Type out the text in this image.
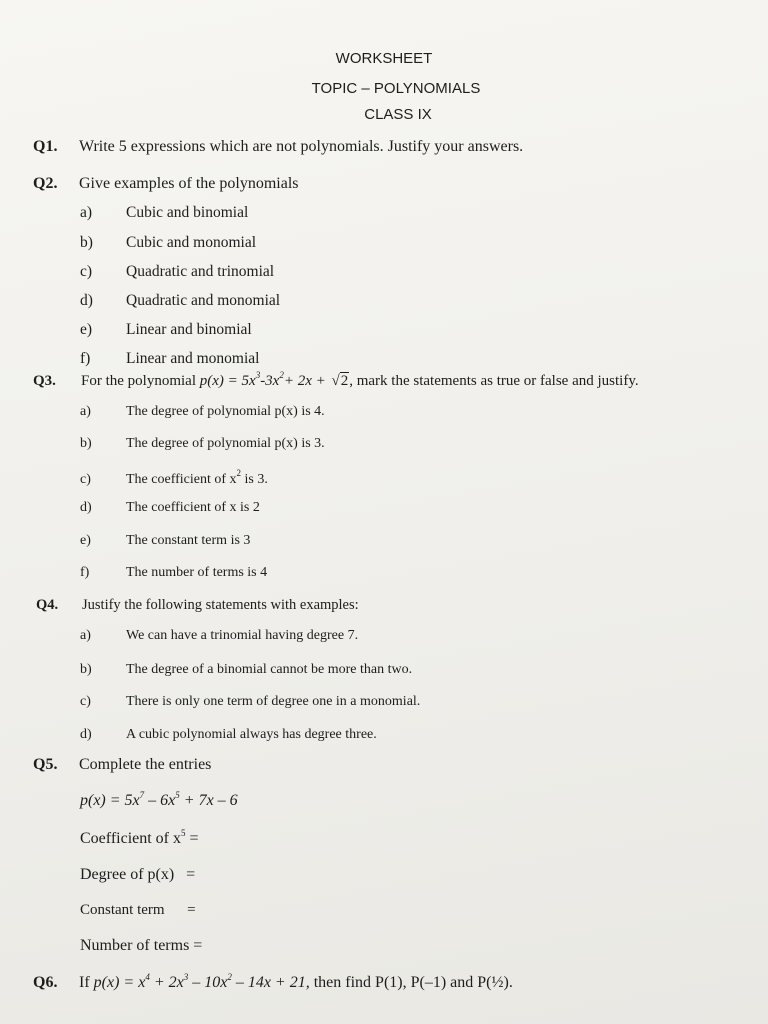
WORKSHEET
TOPIC – POLYNOMIALS
CLASS IX
Q1. Write 5 expressions which are not polynomials. Justify your answers.
Q2. Give examples of the polynomials
a) Cubic and binomial
b) Cubic and monomial
c) Quadratic and trinomial
d) Quadratic and monomial
e) Linear and binomial
f) Linear and monomial
Q3. For the polynomial $p(x) = 5x^3-3x^2+ 2x + √2$, mark the statements as true or false and justify.
a)	The degree of polynomial p(x) is 4.
b) The degree of polynomial p(x) is 3.
c)	The coefficient of $x^2$ is 3.
d) The coefficient of x is 2
e)	The constant term is 3
f)	The number of terms is 4
Q4. Justify the following statements with examples:
a)	We can have a trinomial having degree 7.
b) The degree of a binomial cannot be more than two.
c)	There is only one term of degree one in a monomial.
d) A cubic polynomial always has degree three.
Q5. Complete the entries
$p(x) = 5x^7 - 6x^5 + 7x - 6$
Coefficient of $x^5$ =
Degree of p(x)   =
Constant term      =
Number of terms =
Q6. If $p(x) = x^4 + 2x^3 - 10x^2 - 14x + 21$, then find P(1), P(–1) and P(½).
